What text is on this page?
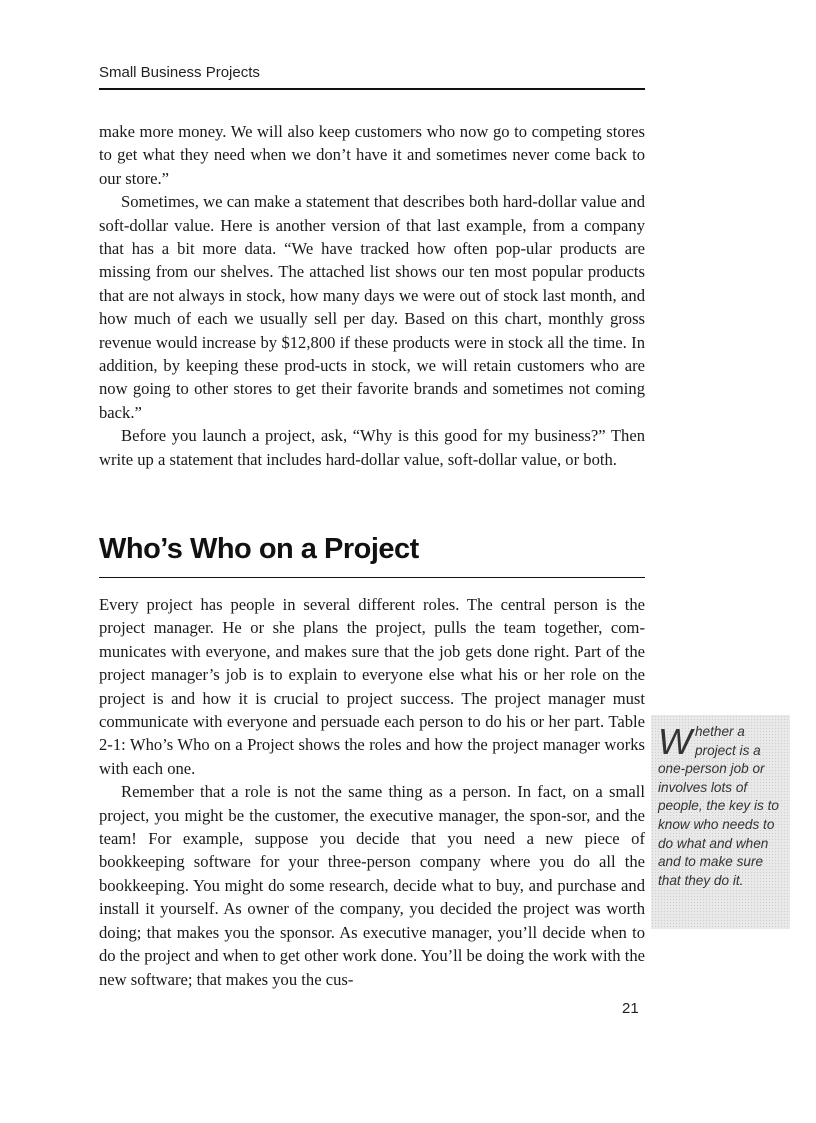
Small Business Projects

make more money. We will also keep customers who now go to competing stores to get what they need when we don’t have it and sometimes never come back to our store.”

Sometimes, we can make a statement that describes both hard-dollar value and soft-dollar value. Here is another version of that last example, from a company that has a bit more data. “We have tracked how often pop-ular products are missing from our shelves. The attached list shows our ten most popular products that are not always in stock, how many days we were out of stock last month, and how much of each we usually sell per day. Based on this chart, monthly gross revenue would increase by $12,800 if these products were in stock all the time. In addition, by keeping these prod-ucts in stock, we will retain customers who are now going to other stores to get their favorite brands and sometimes not coming back.”

Before you launch a project, ask, “Why is this good for my business?” Then write up a statement that includes hard-dollar value, soft-dollar value, or both.

Who’s Who on a Project

Every project has people in several different roles. The central person is the project manager. He or she plans the project, pulls the team together, com-municates with everyone, and makes sure that the job gets done right. Part of the project manager’s job is to explain to everyone else what his or her role on the project is and how it is crucial to project success. The project manager must communicate with everyone and persuade each person to do his or her part. Table 2-1: Who’s Who on a Project shows the roles and how the project manager works with each one.

Remember that a role is not the same thing as a person. In fact, on a small project, you might be the customer, the executive manager, the spon-sor, and the team! For example, suppose you decide that you need a new piece of bookkeeping software for your three-person company where you do all the bookkeeping. You might do some research, decide what to buy, and purchase and install it yourself. As owner of the company, you decided the project was worth doing; that makes you the sponsor. As executive manager, you’ll decide when to do the project and when to get other work done. You’ll be doing the work with the new software; that makes you the cus-

Whether a project is a one-person job or involves lots of people, the key is to know who needs to do what and when and to make sure that they do it.

21
